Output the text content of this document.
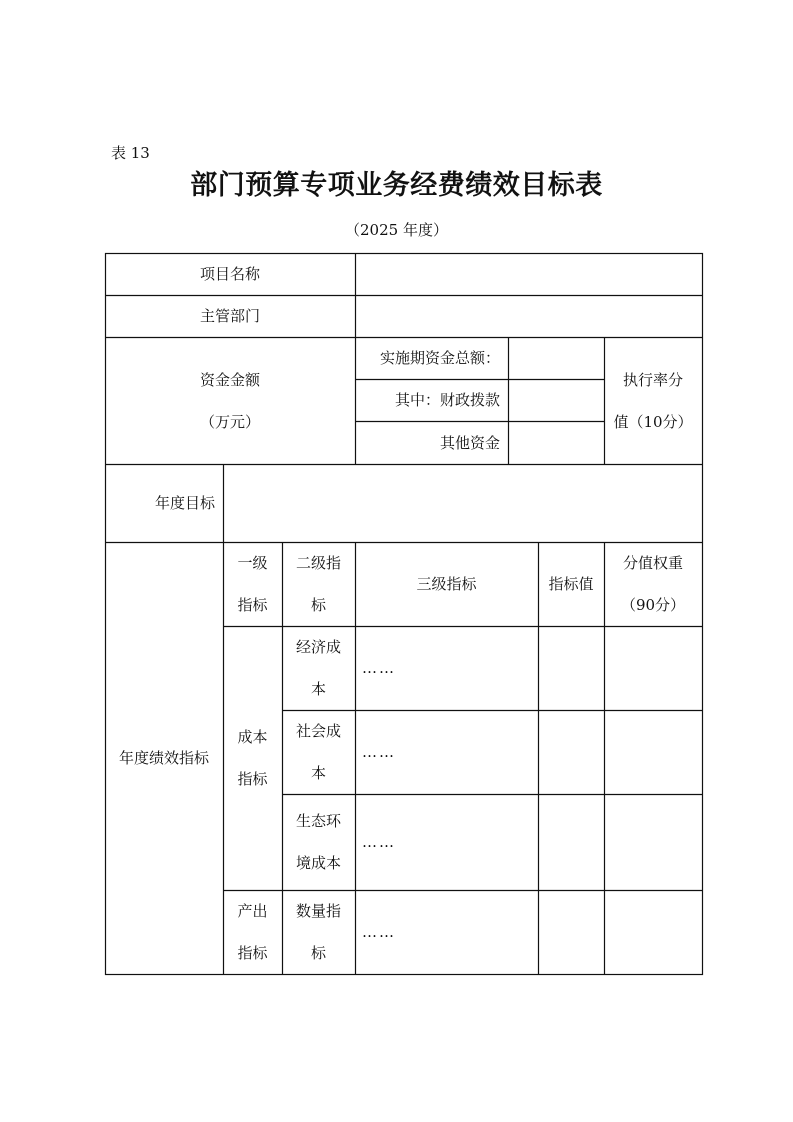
表 13
部门预算专项业务经费绩效目标表
（2025 年度）
项目名称
主管部门
资金金额
（万元）
实施期资金总额：
其中：财政拨款
其他资金
执行率分
值（10分）
年度目标
年度绩效指标
一级
指标
二级指
标
三级指标	指标值
分值权重
（90分）
成本
指标
经济成
本
……
社会成
本
……
生态环
境成本
……
产出
指标
数量指
标
……
